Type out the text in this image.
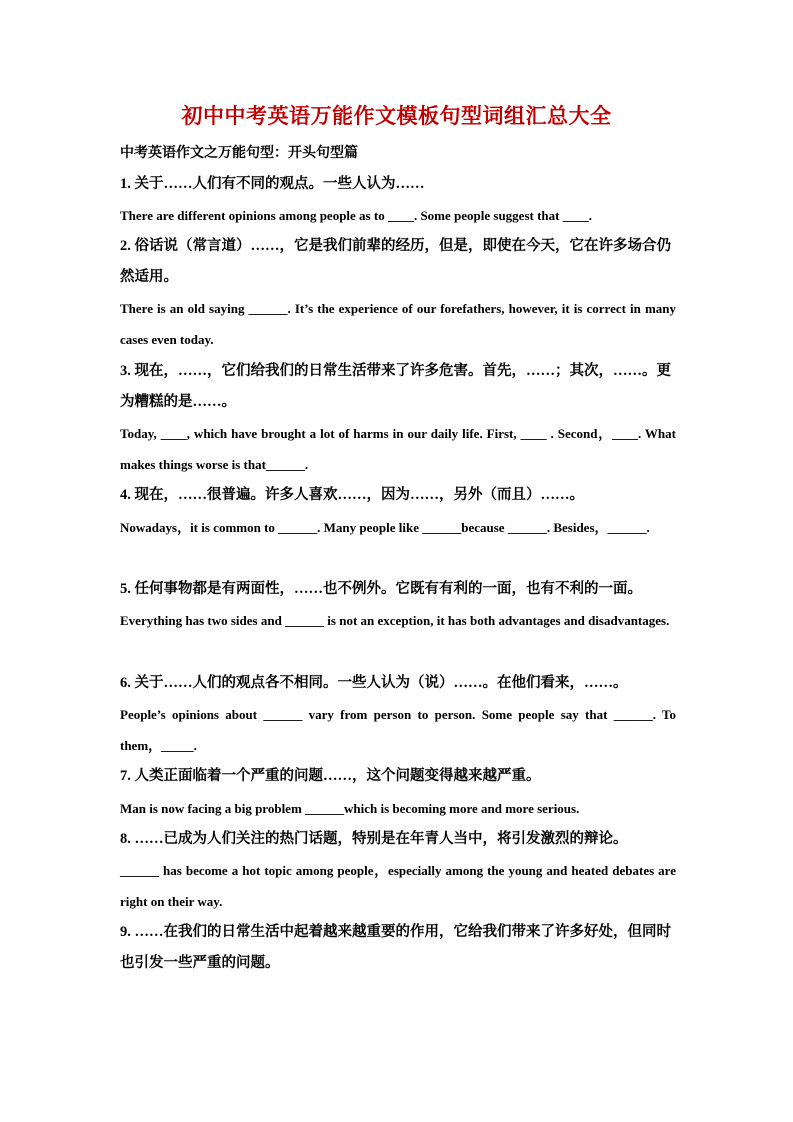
初中中考英语万能作文模板句型词组汇总大全
中考英语作文之万能句型：开头句型篇
1. 关于……人们有不同的观点。一些人认为……
There are different opinions among people as to ____. Some people suggest that ____.
2. 俗话说（常言道）……，它是我们前辈的经历，但是，即使在今天，它在许多场合仍然适用。
There is an old saying ______. It’s the experience of our forefathers, however, it is correct in many cases even today.
3. 现在，……，它们给我们的日常生活带来了许多危害。首先，……；其次，……。更为糟糕的是……。
Today, ____, which have brought a lot of harms in our daily life. First, ____ . Second，____. What makes things worse is that______.
4. 现在，……很普遍。许多人喜欢……，因为……，另外（而且）……。
Nowadays，it is common to ______. Many people like ______because ______. Besides，______.
5. 任何事物都是有两面性，……也不例外。它既有有利的一面，也有不利的一面。
Everything has two sides and ______ is not an exception, it has both advantages and disadvantages.
6. 关于……人们的观点各不相同。一些人认为（说）……。在他们看来，……。
People’s opinions about ______ vary from person to person. Some people say that ______. To them，_____.
7. 人类正面临着一个严重的问题……，这个问题变得越来越严重。
Man is now facing a big problem ______which is becoming more and more serious.
8. ……已成为人们关注的热门话题，特别是在年青人当中，将引发激烈的辩论。
______ has become a hot topic among people，especially among the young and heated debates are right on their way.
9. ……在我们的日常生活中起着越来越重要的作用，它给我们带来了许多好处，但同时也引发一些严重的问题。
